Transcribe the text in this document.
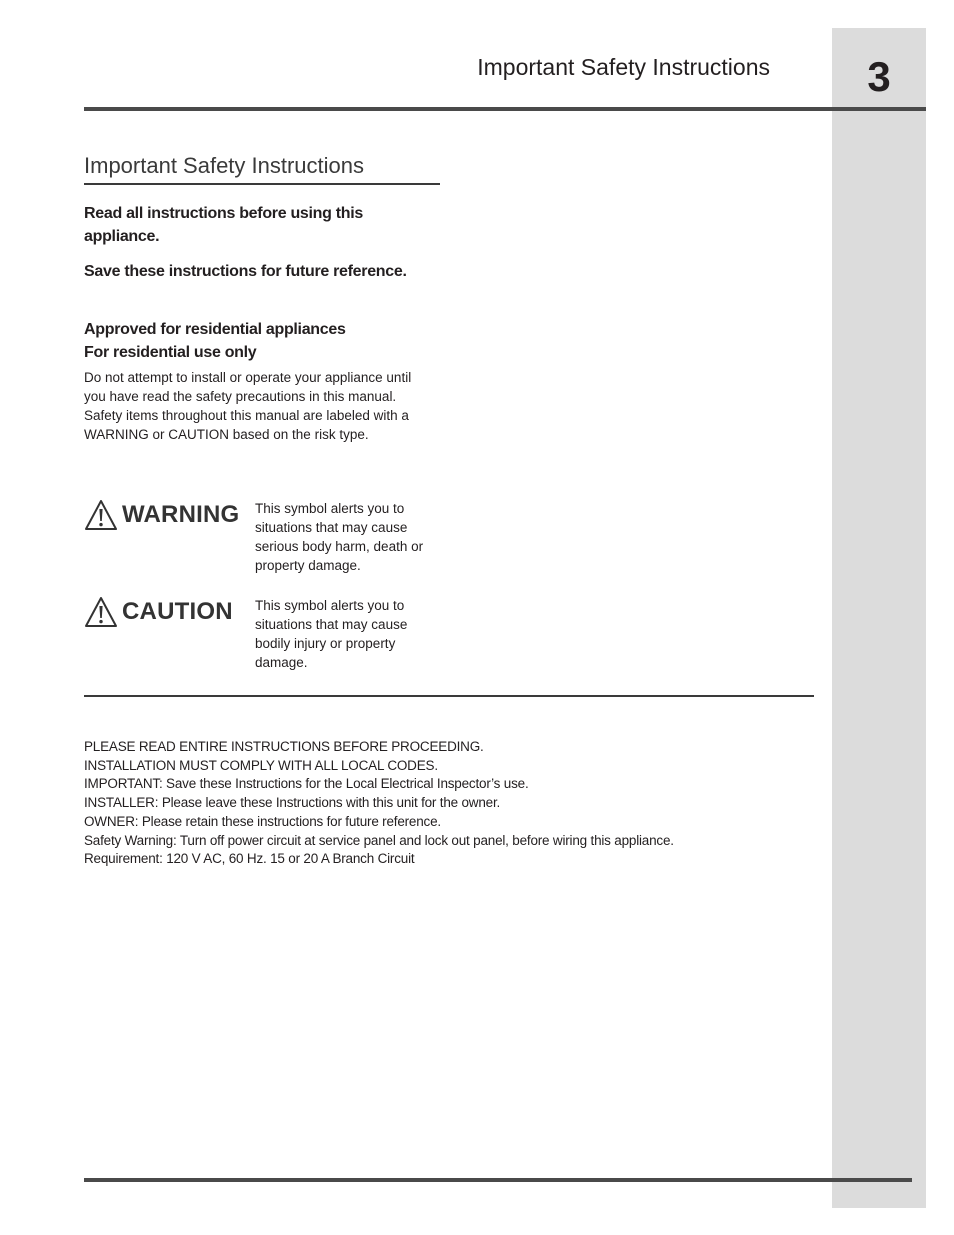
3
Important Safety Instructions
Important Safety Instructions
Read all instructions before using this appliance.
Save these instructions for future reference.
Approved for residential appliances
For residential use only
Do not attempt to install or operate your appliance until you have read the safety precautions in this manual. Safety items throughout this manual are labeled with a WARNING or CAUTION based on the risk type.
WARNING This symbol alerts you to situations that may cause serious body harm, death or property damage.
CAUTION This symbol alerts you to situations that may cause bodily injury or property damage.
PLEASE READ ENTIRE INSTRUCTIONS BEFORE PROCEEDING.
INSTALLATION MUST COMPLY WITH ALL LOCAL CODES.
IMPORTANT: Save these Instructions for the Local Electrical Inspector’s use.
INSTALLER: Please leave these Instructions with this unit for the owner.
OWNER: Please retain these instructions for future reference.
Safety Warning: Turn off power circuit at service panel and lock out panel, before wiring this appliance.
Requirement: 120 V AC, 60 Hz. 15 or 20 A Branch Circuit
